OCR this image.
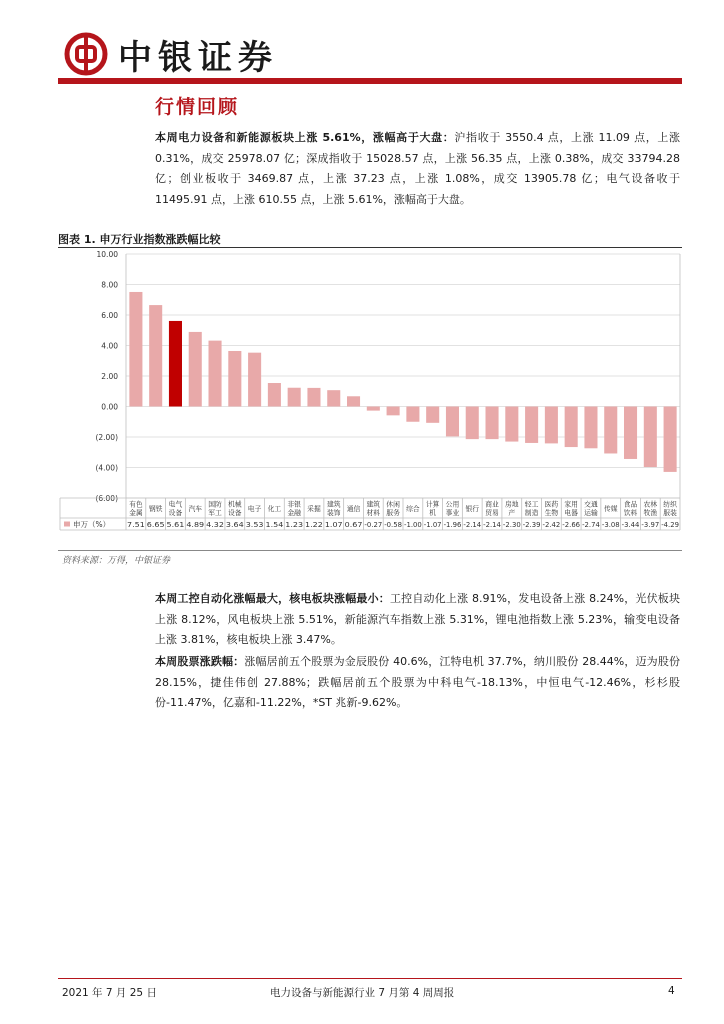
中银证券
行情回顾
本周电力设备和新能源板块上涨 5.61%，涨幅高于大盘：沪指收于 3550.4 点，上涨 11.09 点，上涨 0.31%，成交 25978.07 亿；深成指收于 15028.57 点，上涨 56.35 点，上涨 0.38%，成交 33794.28 亿；创业板收于 3469.87 点，上涨 37.23 点，上涨 1.08%，成交 13905.78 亿；电气设备收于 11495.91 点，上涨 610.55 点，上涨 5.61%，涨幅高于大盘。
图表 1. 申万行业指数涨跌幅比较
10.00
8.00
6.00
4.00
2.00
0.00
(2.00)
(4.00)
(6.00)
申万（%）
有色
金属
7.51
钢铁
6.65
电气
设备
5.61
汽车
4.89
国防
军工
4.32
机械
设备
3.64
电子
3.53
化工
1.54
非银
金融
1.23
采掘
1.22
建筑
装饰
1.07
通信
0.67
建筑
材料
-0.27
休闲
服务
-0.58
综合
-1.00
计算
机
-1.07
公用
事业
-1.96
银行
-2.14
商业
贸易
-2.14
房地
产
-2.30
轻工
制造
-2.39
医药
生物
-2.42
家用
电器
-2.66
交通
运输
-2.74
传媒
-3.08
食品
饮料
-3.44
农林
牧渔
-3.97
纺织
服装
-4.29
资料来源：万得，中银证券
本周工控自动化涨幅最大，核电板块涨幅最小：工控自动化上涨 8.91%，发电设备上涨 8.24%，光伏板块上涨 8.12%，风电板块上涨 5.51%，新能源汽车指数上涨 5.31%，锂电池指数上涨 5.23%，输变电设备上涨 3.81%，核电板块上涨 3.47%。
本周股票涨跌幅：涨幅居前五个股票为金辰股份 40.6%，江特电机 37.7%，纳川股份 28.44%，迈为股份 28.15%，捷佳伟创 27.88%；跌幅居前五个股票为中科电气-18.13%，中恒电气-12.46%，杉杉股份-11.47%，亿嘉和-11.22%，*ST 兆新-9.62%。
2021 年 7 月 25 日	电力设备与新能源行业 7 月第 4 周周报	4
